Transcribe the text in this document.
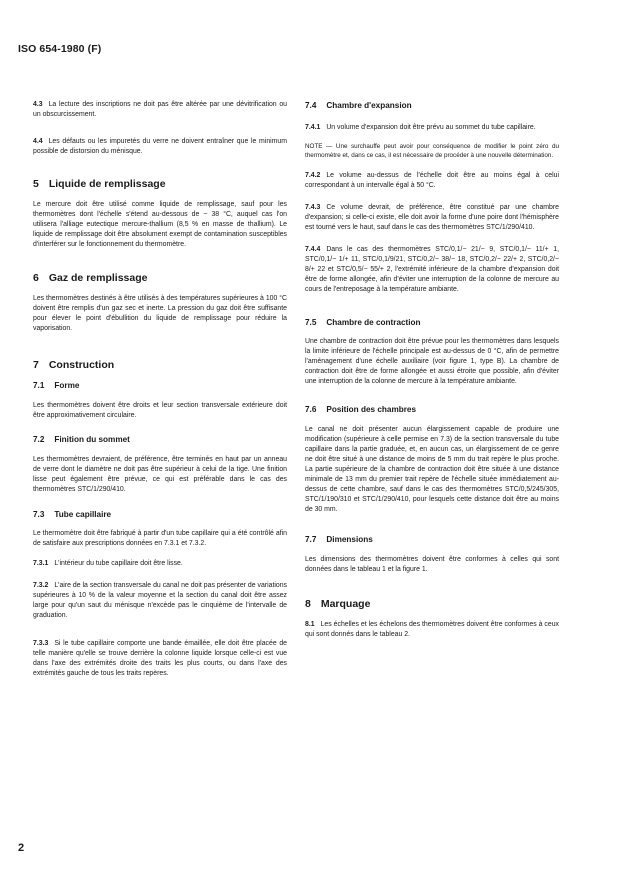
ISO 654-1980 (F)

4.3 La lecture des inscriptions ne doit pas être altérée par une dévitrification ou un obscurcissement.

4.4 Les défauts ou les impuretés du verre ne doivent entraîner que le minimum possible de distorsion du ménisque.

5 Liquide de remplissage

Le mercure doit être utilisé comme liquide de remplissage, sauf pour les thermomètres dont l'échelle s'étend au-dessous de − 38 °C, auquel cas l'on utilisera l'alliage eutectique mercure-thallium (8,5 % en masse de thallium). Le liquide de remplissage doit être absolument exempt de contamination susceptibles d'interférer sur le fonctionnement du thermomètre.

6 Gaz de remplissage

Les thermomètres destinés à être utilisés à des températures supérieures à 100 °C doivent être remplis d'un gaz sec et inerte. La pression du gaz doit être suffisante pour élever le point d'ébullition du liquide de remplissage pour réduire la vaporisation.

7 Construction
7.1 Forme

Les thermomètres doivent être droits et leur section transversale extérieure doit être approximativement circulaire.

7.2 Finition du sommet

Les thermomètres devraient, de préférence, être terminés en haut par un anneau de verre dont le diamètre ne doit pas être supérieur à celui de la tige. Une finition lisse peut également être prévue, ce qui est préférable dans le cas des thermomètres STC/1/290/410.

7.3 Tube capillaire

Le thermomètre doit être fabriqué à partir d'un tube capillaire qui a été contrôlé afin de satisfaire aux prescriptions données en 7.3.1 et 7.3.2.

7.3.1 L'intérieur du tube capillaire doit être lisse.

7.3.2 L'aire de la section transversale du canal ne doit pas présenter de variations supérieures à 10 % de la valeur moyenne et la section du canal doit être assez large pour qu'un saut du ménisque n'excède pas le cinquième de l'intervalle de graduation.

7.3.3 Si le tube capillaire comporte une bande émaillée, elle doit être placée de telle manière qu'elle se trouve derrière la colonne liquide lorsque celle-ci est vue dans l'axe des extrémités droite des traits les plus courts, ou dans l'axe des extrémités gauche de tous les traits repères.

7.4 Chambre d'expansion

7.4.1 Un volume d'expansion doit être prévu au sommet du tube capillaire.

NOTE — Une surchauffe peut avoir pour conséquence de modifier le point zéro du thermomètre et, dans ce cas, il est nécessaire de procéder à une nouvelle détermination.

7.4.2 Le volume au-dessus de l'échelle doit être au moins égal à celui correspondant à un intervalle égal à 50 °C.

7.4.3 Ce volume devrait, de préférence, être constitué par une chambre d'expansion; si celle-ci existe, elle doit avoir la forme d'une poire dont l'hémisphère est tourné vers le haut, sauf dans le cas des thermomètres STC/1/290/410.

7.4.4 Dans le cas des thermomètres STC/0,1/− 21/− 9, STC/0,1/− 11/+ 1, STC/0,1/− 1/+ 11, STC/0,1/9/21, STC/0,2/− 38/− 18, STC/0,2/− 22/+ 2, STC/0,2/− 8/+ 22 et STC/0,5/− 55/+ 2, l'extrémité inférieure de la chambre d'expansion doit être de forme allongée, afin d'éviter une interruption de la colonne de mercure au cours de l'entreposage à la température ambiante.

7.5 Chambre de contraction

Une chambre de contraction doit être prévue pour les thermomètres dans lesquels la limite inférieure de l'échelle principale est au-dessus de 0 °C, afin de permettre l'aménagement d'une échelle auxiliaire (voir figure 1, type B). La chambre de contraction doit être de forme allongée et aussi étroite que possible, afin d'éviter une interruption de la colonne de mercure à la température ambiante.

7.6 Position des chambres

Le canal ne doit présenter aucun élargissement capable de produire une modification (supérieure à celle permise en 7.3) de la section transversale du tube capillaire dans la partie graduée, et, en aucun cas, un élargissement de ce genre ne doit être situé à une distance de moins de 5 mm du trait repère le plus proche. La partie supérieure de la chambre de contraction doit être située à une distance minimale de 13 mm du premier trait repère de l'échelle située immédiatement au-dessus de cette chambre, sauf dans le cas des thermomètres STC/0,5/245/305, STC/1/190/310 et STC/1/290/410, pour lesquels cette distance doit être au moins de 30 mm.

7.7 Dimensions

Les dimensions des thermomètres doivent être conformes à celles qui sont données dans le tableau 1 et la figure 1.

8 Marquage

8.1 Les échelles et les échelons des thermomètres doivent être conformes à ceux qui sont donnés dans le tableau 2.

2
